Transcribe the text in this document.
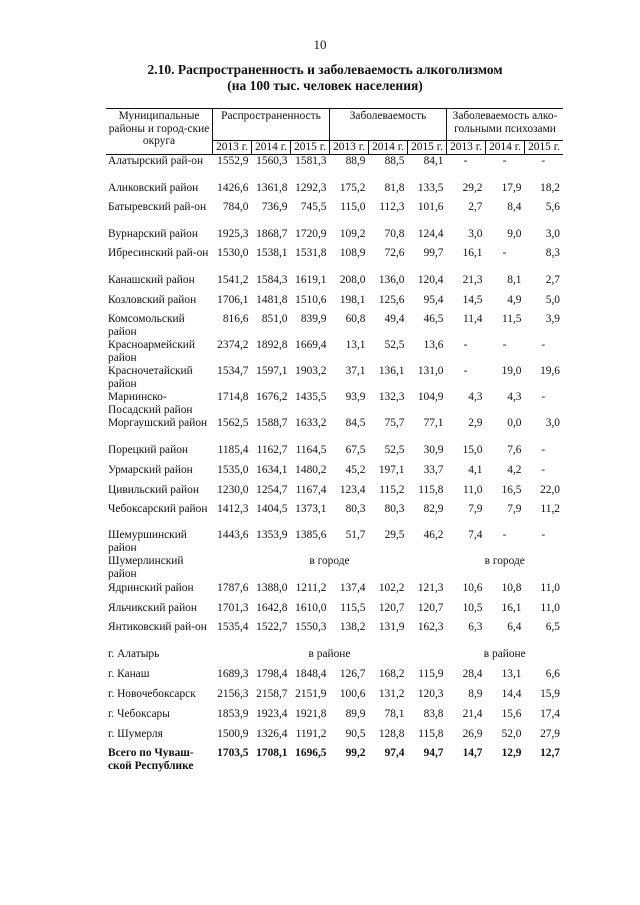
10
2.10. Распространенность и заболеваемость алкоголизмом
(на 100 тыс. человек населения)
Муниципальные районы и город-ские округа	Распространенность			Заболеваемость			Заболеваемость алко-гольными психозами		
	2013 г.	2014 г.	2015 г.	2013 г.	2014 г.	2015 г.	2013 г.	2014 г.	2015 г.
Алатырский рай-он	1552,9	1560,3	1581,3	88,9	88,5	84,1	-	-	-
Аликовский район	1426,6	1361,8	1292,3	175,2	81,8	133,5	29,2	17,9	18,2
Батыревский рай-он	784,0	736,9	745,5	115,0	112,3	101,6	2,7	8,4	5,6
Вурнарский район	1925,3	1868,7	1720,9	109,2	70,8	124,4	3,0	9,0	3,0
Ибресинский рай-он	1530,0	1538,1	1531,8	108,9	72,6	99,7	16,1	-	8,3
Канашский район	1541,2	1584,3	1619,1	208,0	136,0	120,4	21,3	8,1	2,7
Козловский район	1706,1	1481,8	1510,6	198,1	125,6	95,4	14,5	4,9	5,0
Комсомольский район	816,6	851,0	839,9	60,8	49,4	46,5	11,4	11,5	3,9
Красноармейский район	2374,2	1892,8	1669,4	13,1	52,5	13,6	-	-	-
Красночетайский район	1534,7	1597,1	1903,2	37,1	136,1	131,0	-	19,0	19,6
Мариинско-Посадский район	1714,8	1676,2	1435,5	93,9	132,3	104,9	4,3	4,3	-
Моргаушский район	1562,5	1588,7	1633,2	84,5	75,7	77,1	2,9	0,0	3,0
Порецкий район	1185,4	1162,7	1164,5	67,5	52,5	30,9	15,0	7,6	-
Урмарский район	1535,0	1634,1	1480,2	45,2	197,1	33,7	4,1	4,2	-
Цивильский район	1230,0	1254,7	1167,4	123,4	115,2	115,8	11,0	16,5	22,0
Чебоксарский район	1412,3	1404,5	1373,1	80,3	80,3	82,9	7,9	7,9	11,2
Шемуршинский район	1443,6	1353,9	1385,6	51,7	29,5	46,2	7,4	-	-
Шумерлинский район	в городе						в городе		
Ядринский район	1787,6	1388,0	1211,2	137,4	102,2	121,3	10,6	10,8	11,0
Яльчикский район	1701,3	1642,8	1610,0	115,5	120,7	120,7	10,5	16,1	11,0
Янтиковский рай-он	1535,4	1522,7	1550,3	138,2	131,9	162,3	6,3	6,4	6,5
г. Алатырь	в районе						в районе		
г. Канаш	1689,3	1798,4	1848,4	126,7	168,2	115,9	28,4	13,1	6,6
г. Новочебоксарск	2156,3	2158,7	2151,9	100,6	131,2	120,3	8,9	14,4	15,9
г. Чебоксары	1853,9	1923,4	1921,8	89,9	78,1	83,8	21,4	15,6	17,4
г. Шумерля	1500,9	1326,4	1191,2	90,5	128,8	115,8	26,9	52,0	27,9
Всего по Чуваш-ской Республике	1703,5	1708,1	1696,5	99,2	97,4	94,7	14,7	12,9	12,7
